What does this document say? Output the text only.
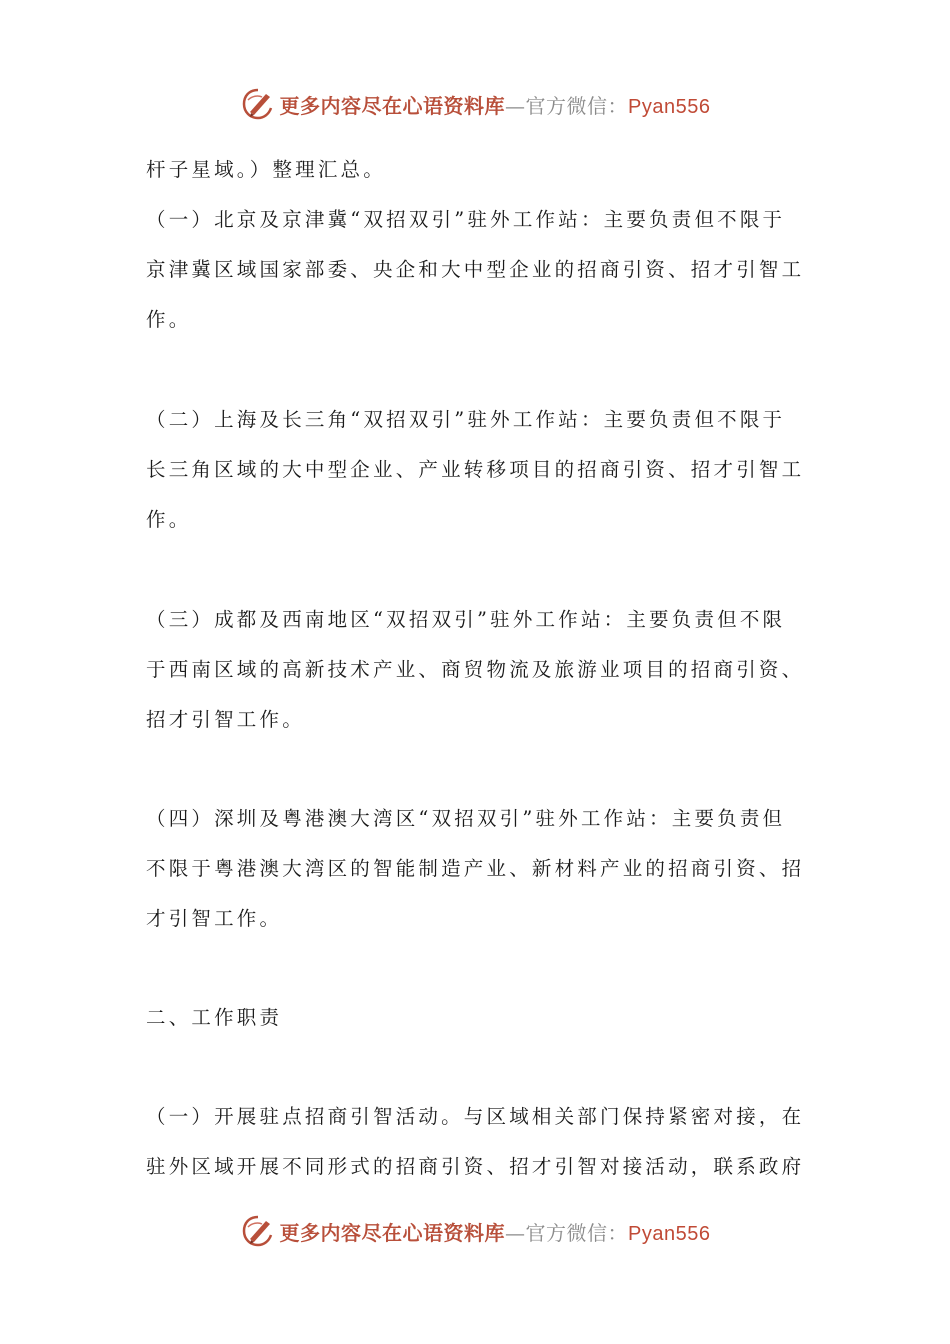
更多内容尽在心语资料库—官方微信：Pyan556
杆子星域。）整理汇总。
（一）北京及京津冀“双招双引”驻外工作站：主要负责但不限于
京津冀区域国家部委、央企和大中型企业的招商引资、招才引智工
作。
（二）上海及长三角“双招双引”驻外工作站：主要负责但不限于
长三角区域的大中型企业、产业转移项目的招商引资、招才引智工
作。
（三）成都及西南地区“双招双引”驻外工作站：主要负责但不限
于西南区域的高新技术产业、商贸物流及旅游业项目的招商引资、
招才引智工作。
（四）深圳及粤港澳大湾区“双招双引”驻外工作站：主要负责但
不限于粤港澳大湾区的智能制造产业、新材料产业的招商引资、招
才引智工作。
二、工作职责
（一）开展驻点招商引智活动。与区域相关部门保持紧密对接，在
驻外区域开展不同形式的招商引资、招才引智对接活动，联系政府
更多内容尽在心语资料库—官方微信：Pyan556
